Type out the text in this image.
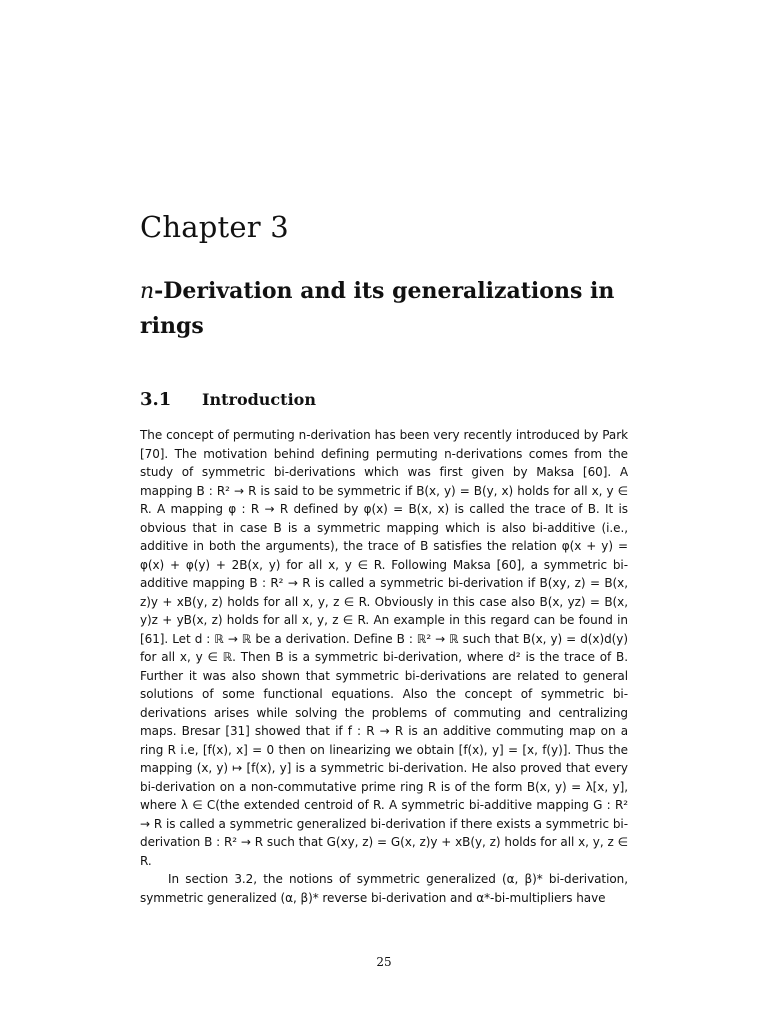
Chapter 3
n-Derivation and its generalizations in rings
3.1 Introduction

The concept of permuting n-derivation has been very recently introduced by Park [70]. The motivation behind defining permuting n-derivations comes from the study of symmetric bi-derivations which was first given by Maksa [60]. A mapping B : R² → R is said to be symmetric if B(x, y) = B(y, x) holds for all x, y ∈ R. A mapping φ : R → R defined by φ(x) = B(x, x) is called the trace of B. It is obvious that in case B is a symmetric mapping which is also bi-additive (i.e., additive in both the arguments), the trace of B satisfies the relation φ(x + y) = φ(x) + φ(y) + 2B(x, y) for all x, y ∈ R. Following Maksa [60], a symmetric bi-additive mapping B : R² → R is called a symmetric bi-derivation if B(xy, z) = B(x, z)y + xB(y, z) holds for all x, y, z ∈ R. Obviously in this case also B(x, yz) = B(x, y)z + yB(x, z) holds for all x, y, z ∈ R. An example in this regard can be found in [61]. Let d : ℝ → ℝ be a derivation. Define B : ℝ² → ℝ such that B(x, y) = d(x)d(y) for all x, y ∈ ℝ. Then B is a symmetric bi-derivation, where d² is the trace of B. Further it was also shown that symmetric bi-derivations are related to general solutions of some functional equations. Also the concept of symmetric bi-derivations arises while solving the problems of commuting and centralizing maps. Bresar [31] showed that if f : R → R is an additive commuting map on a ring R i.e, [f(x), x] = 0 then on linearizing we obtain [f(x), y] = [x, f(y)]. Thus the mapping (x, y) ↦ [f(x), y] is a symmetric bi-derivation. He also proved that every bi-derivation on a non-commutative prime ring R is of the form B(x, y) = λ[x, y], where λ ∈ C(the extended centroid of R. A symmetric bi-additive mapping G : R² → R is called a symmetric generalized bi-derivation if there exists a symmetric bi-derivation B : R² → R such that G(xy, z) = G(x, z)y + xB(y, z) holds for all x, y, z ∈ R.

In section 3.2, the notions of symmetric generalized (α, β)* bi-derivation, symmetric generalized (α, β)* reverse bi-derivation and α*-bi-multipliers have

25
